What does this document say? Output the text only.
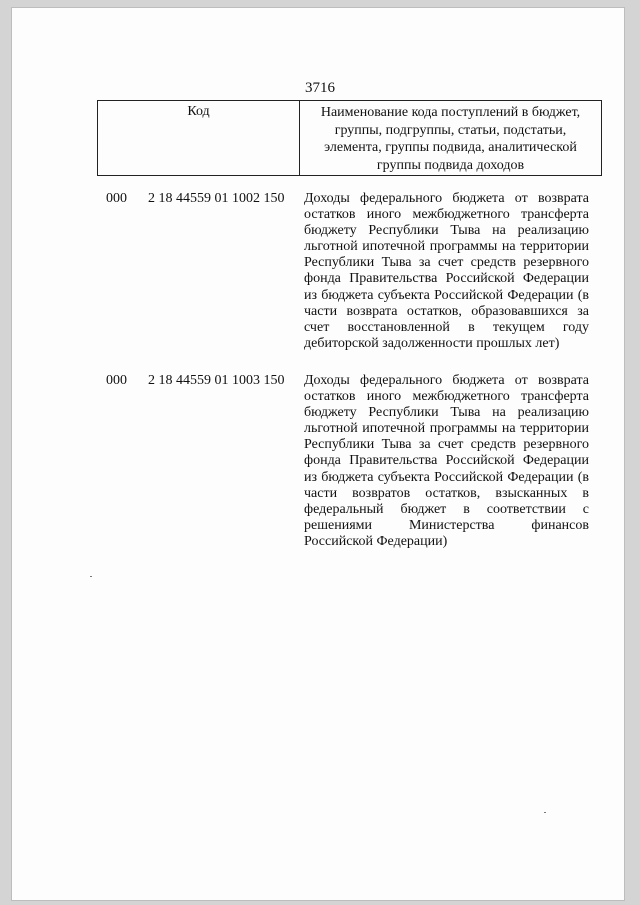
3716
Код	Наименование кода поступлений в бюджет, группы, подгруппы, статьи, подстатьи, элемента, группы подвида, аналитической группы подвида доходов
000	2 18 44559 01 1002 150	Доходы федерального бюджета от возврата остатков иного межбюджетного трансферта бюджету Республики Тыва на реализацию льготной ипотечной программы на территории Республики Тыва за счет средств резервного фонда Правительства Российской Федерации из бюджета субъекта Российской Федерации (в части возврата остатков, образовавшихся за счет восстановленной в текущем году дебиторской задолженности прошлых лет)
000	2 18 44559 01 1003 150	Доходы федерального бюджета от возврата остатков иного межбюджетного трансферта бюджету Республики Тыва на реализацию льготной ипотечной программы на территории Республики Тыва за счет средств резервного фонда Правительства Российской Федерации из бюджета субъекта Российской Федерации (в части возвратов остатков, взысканных в федеральный бюджет в соответствии с решениями Министерства финансов Российской Федерации)
